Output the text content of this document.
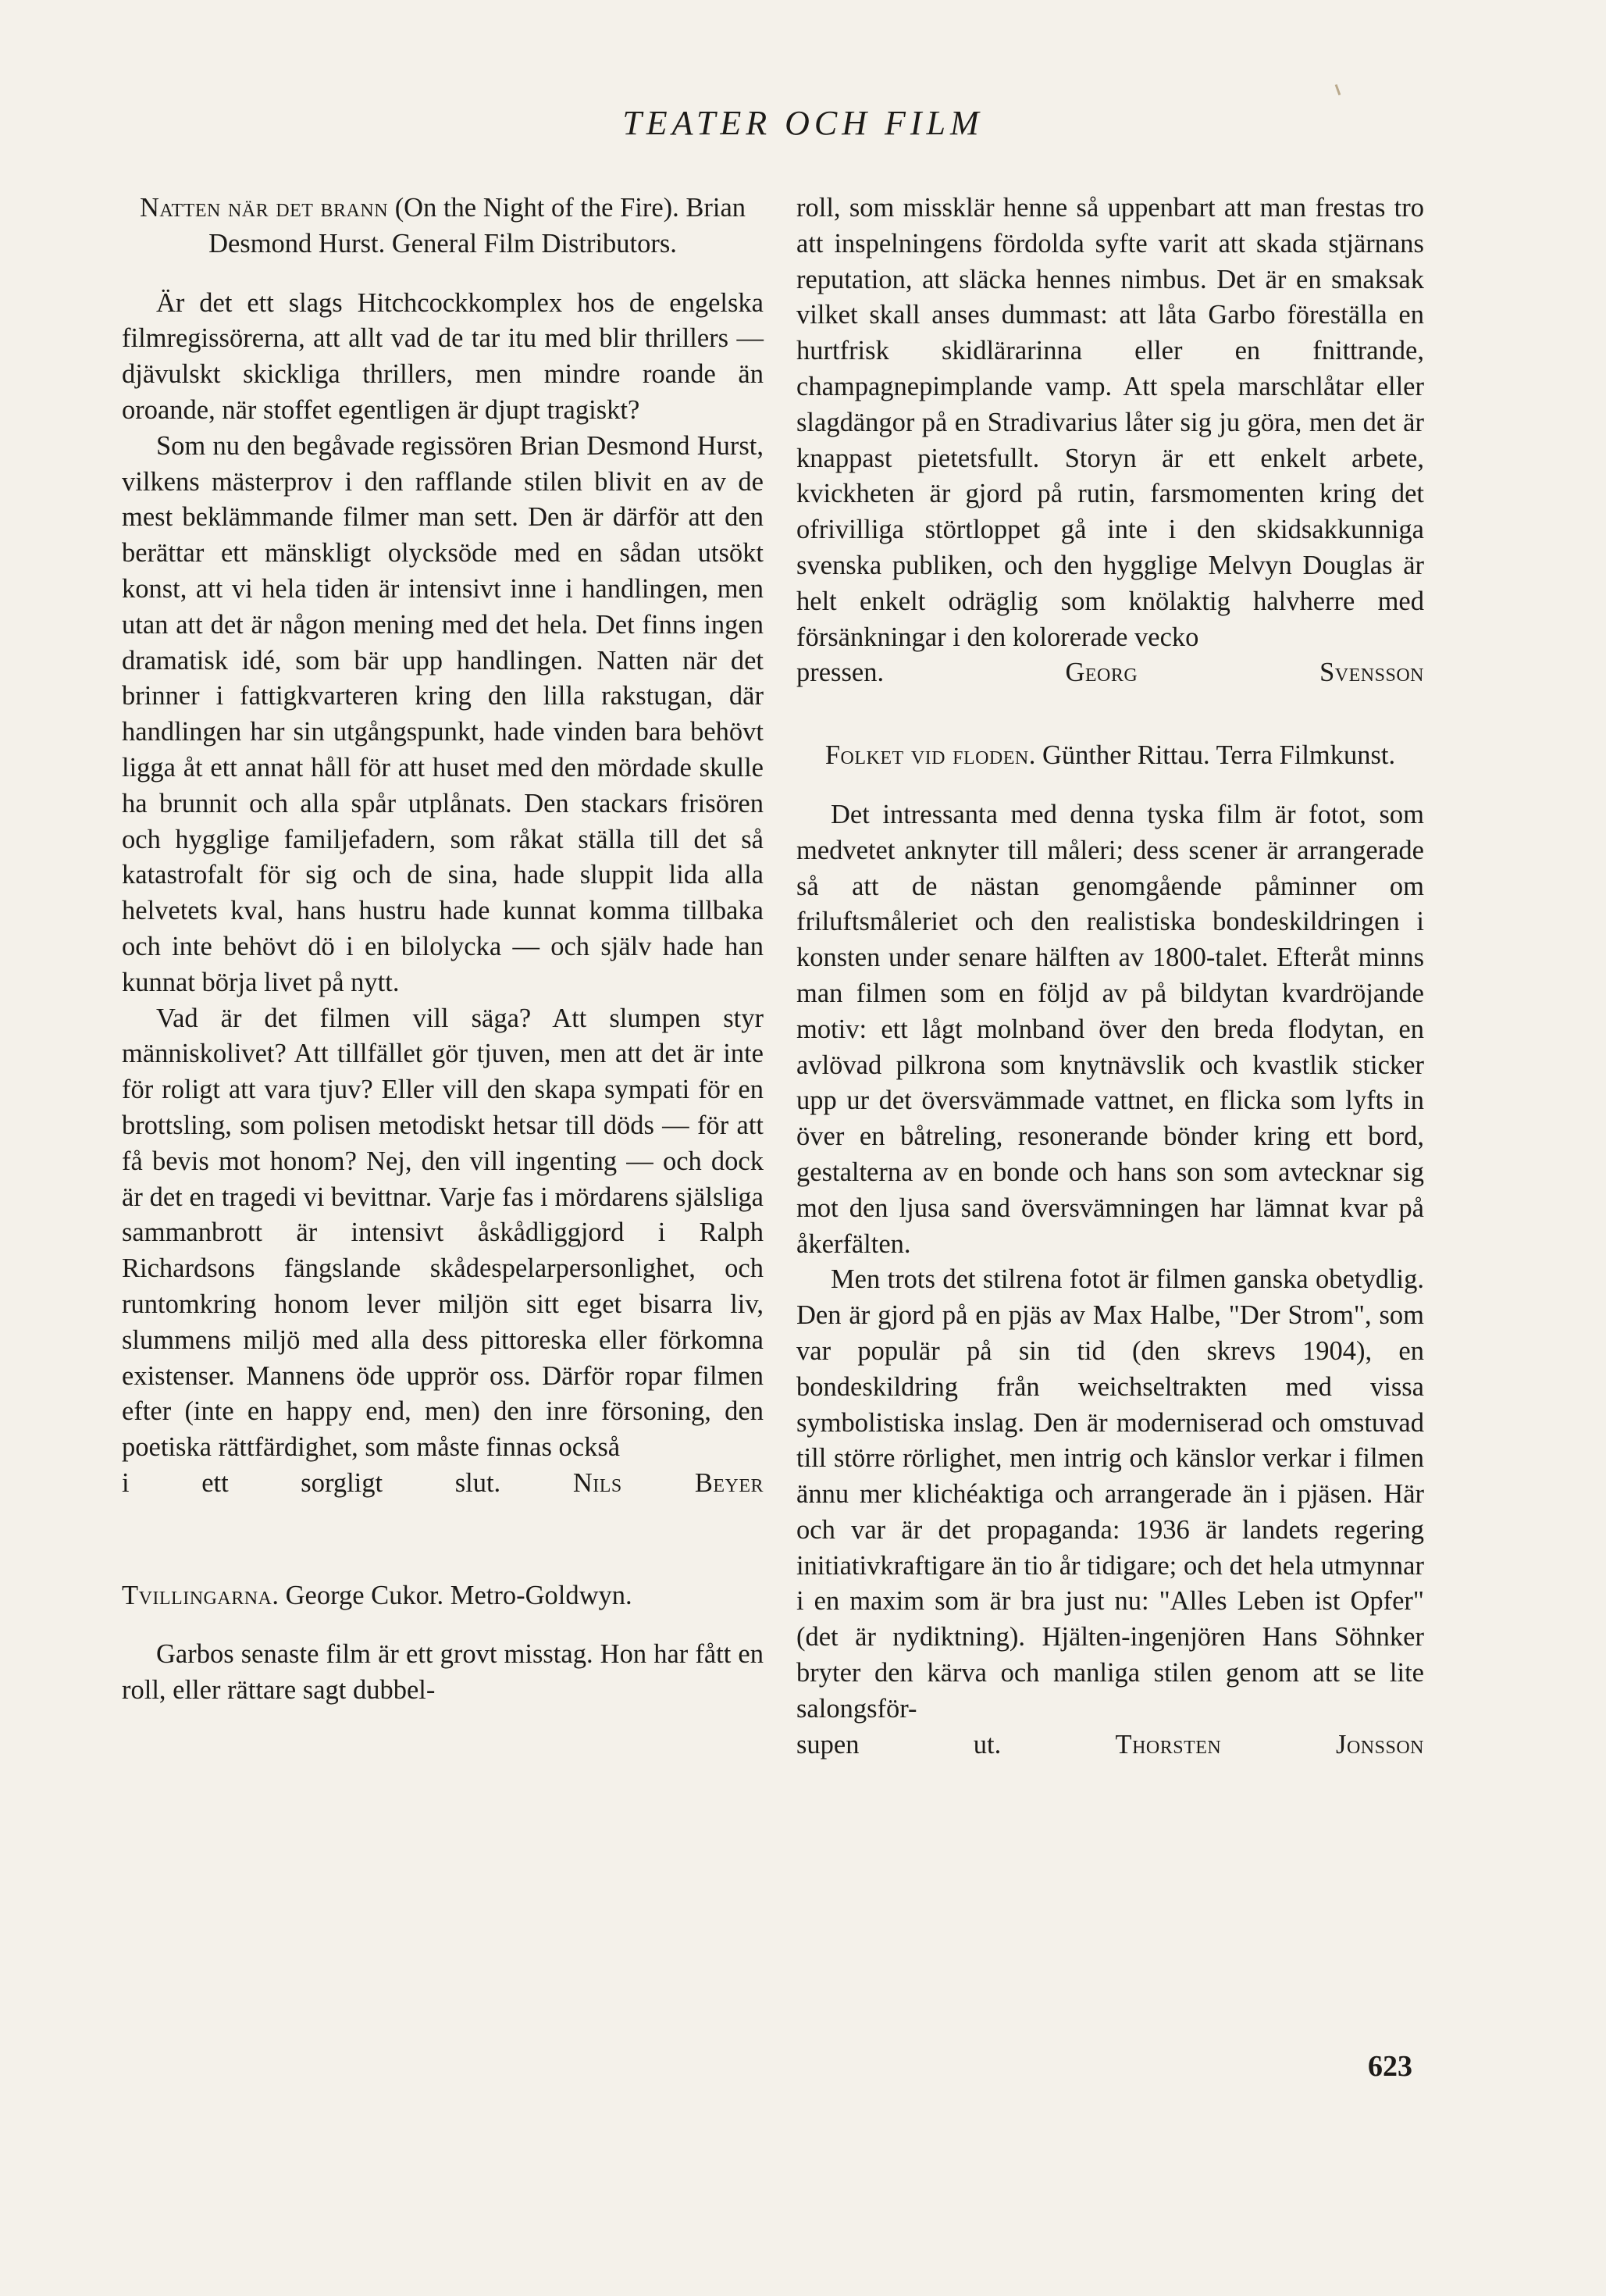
TEATER OCH FILM
Natten när det brann (On the Night of the Fire). Brian Desmond Hurst. General Film Distributors.

Är det ett slags Hitchcockkomplex hos de engelska filmregissörerna, att allt vad de tar itu med blir thrillers — djävulskt skickliga thrillers, men mindre roande än oroande, när stoffet egentligen är djupt tragiskt?

Som nu den begåvade regissören Brian Desmond Hurst, vilkens mästerprov i den rafflande stilen blivit en av de mest beklämmande filmer man sett. Den är därför att den berättar ett mänskligt olycksöde med en sådan utsökt konst, att vi hela tiden är intensivt inne i handlingen, men utan att det är någon mening med det hela. Det finns ingen dramatisk idé, som bär upp handlingen. Natten när det brinner i fattigkvarteren kring den lilla rakstugan, där handlingen har sin utgångspunkt, hade vinden bara behövt ligga åt ett annat håll för att huset med den mördade skulle ha brunnit och alla spår utplånats. Den stackars frisören och hygglige familjefadern, som råkat ställa till det så katastrofalt för sig och de sina, hade sluppit lida alla helvetets kval, hans hustru hade kunnat komma tillbaka och inte behövt dö i en bilolycka — och själv hade han kunnat börja livet på nytt.

Vad är det filmen vill säga? Att slumpen styr människolivet? Att tillfället gör tjuven, men att det är inte för roligt att vara tjuv? Eller vill den skapa sympati för en brottsling, som polisen metodiskt hetsar till döds — för att få bevis mot honom? Nej, den vill ingenting — och dock är det en tragedi vi bevittnar. Varje fas i mördarens själsliga sammanbrott är intensivt åskådliggjord i Ralph Richardsons fängslande skådespelarpersonlighet, och runtomkring honom lever miljön sitt eget bisarra liv, slummens miljö med alla dess pittoreska eller förkomna existenser. Mannens öde upprör oss. Därför ropar filmen efter (inte en happy end, men) den inre försoning, den poetiska rättfärdighet, som måste finnas också

i ett sorgligt slut.	Nils Beyer
Tvillingarna. George Cukor. Metro-Goldwyn.

Garbos senaste film är ett grovt misstag. Hon har fått en roll, eller rättare sagt dubbel-

roll, som missklär henne så uppenbart att man frestas tro att inspelningens fördolda syfte varit att skada stjärnans reputation, att släcka hennes nimbus. Det är en smaksak vilket skall anses dummast: att låta Garbo föreställa en hurtfrisk skidlärarinna eller en fnittrande, champagnepimplande vamp. Att spela marschlåtar eller slagdängor på en Stradivarius låter sig ju göra, men det är knappast pietetsfullt. Storyn är ett enkelt arbete, kvickheten är gjord på rutin, farsmomenten kring det ofrivilliga störtloppet gå inte i den skidsakkunniga svenska publiken, och den hygglige Melvyn Douglas är helt enkelt odräglig som knölaktig halvherre med försänkningar i den kolorerade vecko

pressen.	Georg Svensson
Folket vid floden. Günther Rittau. Terra Filmkunst.

Det intressanta med denna tyska film är fotot, som medvetet anknyter till måleri; dess scener är arrangerade så att de nästan genomgående påminner om friluftsmåleriet och den realistiska bondeskildringen i konsten under senare hälften av 1800-talet. Efteråt minns man filmen som en följd av på bildytan kvardröjande motiv: ett lågt molnband över den breda flodytan, en avlövad pilkrona som knytnävslik och kvastlik sticker upp ur det översvämmade vattnet, en flicka som lyfts in över en båtreling, resonerande bönder kring ett bord, gestalterna av en bonde och hans son som avtecknar sig mot den ljusa sand översvämningen har lämnat kvar på åkerfälten.

Men trots det stilrena fotot är filmen ganska obetydlig. Den är gjord på en pjäs av Max Halbe, "Der Strom", som var populär på sin tid (den skrevs 1904), en bondeskildring från weichseltrakten med vissa symbolistiska inslag. Den är moderniserad och omstuvad till större rörlighet, men intrig och känslor verkar i filmen ännu mer klichéaktiga och arrangerade än i pjäsen. Här och var är det propaganda: 1936 är landets regering initiativkraftigare än tio år tidigare; och det hela utmynnar i en maxim som är bra just nu: "Alles Leben ist Opfer" (det är nydiktning). Hjälten-ingenjören Hans Söhnker bryter den kärva och manliga stilen genom att se lite salongsför-

supen ut.	Thorsten Jonsson
623
